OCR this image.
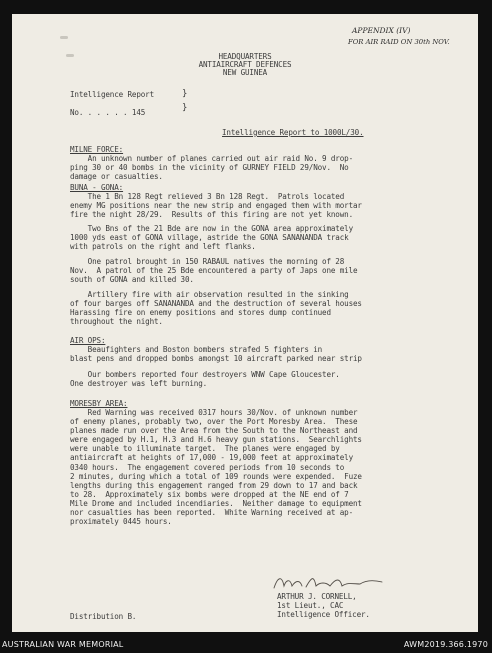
APPENDIX (IV)
FOR AIR RAID ON 30th NOV.
HEADQUARTERS
ANTIAIRCRAFT DEFENCES
NEW GUINEA
Intelligence Report
No. . . . . . 145
}
}
Intelligence Report to 1000L/30.
MILNE FORCE:
An unknown number of planes carried out air raid No. 9 drop-
ping 30 or 40 bombs in the vicinity of GURNEY FIELD 29/Nov.  No
damage or casualties.
BUNA - GONA:
The 1 Bn 128 Regt relieved 3 Bn 128 Regt.  Patrols located
enemy MG positions near the new strip and engaged them with mortar
fire the night 28/29.  Results of this firing are not yet known.
Two Bns of the 21 Bde are now in the GONA area approximately
1000 yds east of GONA village, astride the GONA SANANANDA track
with patrols on the right and left flanks.
One patrol brought in 150 RABAUL natives the morning of 28
Nov.  A patrol of the 25 Bde encountered a party of Japs one mile
south of GONA and killed 30.
Artillery fire with air observation resulted in the sinking
of four barges off SANANANDA and the destruction of several houses
Harassing fire on enemy positions and stores dump continued
throughout the night.
AIR OPS:
Beaufighters and Boston bombers strafed 5 fighters in
blast pens and dropped bombs amongst 10 aircraft parked near strip
Our bombers reported four destroyers WNW Cape Gloucester.
One destroyer was left burning.
MORESBY AREA:
Red Warning was received 0317 hours 30/Nov. of unknown number
of enemy planes, probably two, over the Port Moresby Area.  These
planes made run over the Area from the South to the Northeast and
were engaged by H.1, H.3 and H.6 heavy gun stations.  Searchlights
were unable to illuminate target.  The planes were engaged by
antiaircraft at heights of 17,000 - 19,000 feet at approximately
0340 hours.  The engagement covered periods from 10 seconds to
2 minutes, during which a total of 109 rounds were expended.  Fuze
lengths during this engagement ranged from 29 down to 17 and back
to 28.  Approximately six bombs were dropped at the NE end of 7
Mile Drome and included incendiaries.  Neither damage to equipment
nor casualties has been reported.  White Warning received at ap-
proximately 0445 hours.
ARTHUR J. CORNELL,
1st Lieut., CAC
Intelligence Officer.
Distribution B.
AUSTRALIAN WAR MEMORIAL	AWM2019.366.1970
